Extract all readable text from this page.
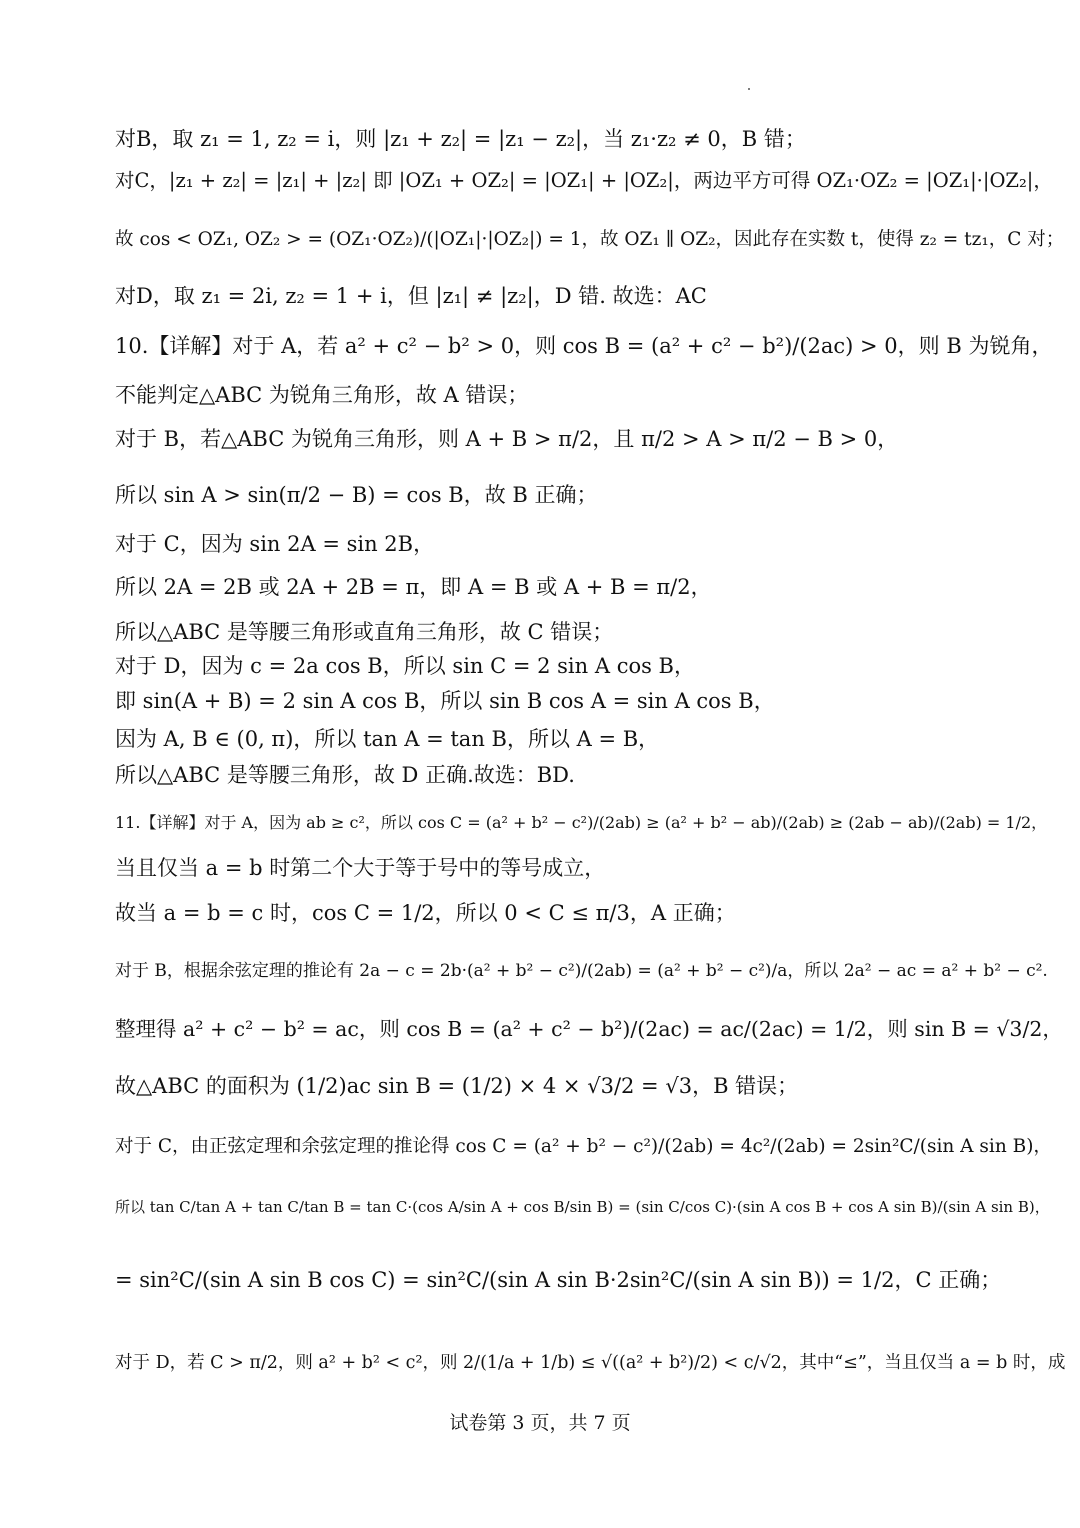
对B，取 z₁ = 1, z₂ = i，则 |z₁ + z₂| = |z₁ − z₂|，当 z₁·z₂ ≠ 0，B 错；
对C，|z₁ + z₂| = |z₁| + |z₂| 即 |OZ₁ + OZ₂| = |OZ₁| + |OZ₂|，两边平方可得 OZ₁·OZ₂ = |OZ₁|·|OZ₂|，
故 cos < OZ₁, OZ₂ > = (OZ₁·OZ₂)/(|OZ₁|·|OZ₂|) = 1，故 OZ₁ ∥ OZ₂，因此存在实数 t，使得 z₂ = tz₁，C 对；
对D，取 z₁ = 2i, z₂ = 1 + i，但 |z₁| ≠ |z₂|，D 错. 故选：AC
10.【详解】对于 A，若 a² + c² − b² > 0，则 cos B = (a² + c² − b²)/(2ac) > 0，则 B 为锐角，
不能判定△ABC 为锐角三角形，故 A 错误；
对于 B，若△ABC 为锐角三角形，则 A + B > π/2，且 π/2 > A > π/2 − B > 0，
所以 sin A > sin(π/2 − B) = cos B，故 B 正确；
对于 C，因为 sin 2A = sin 2B，
所以 2A = 2B 或 2A + 2B = π，即 A = B 或 A + B = π/2，
所以△ABC 是等腰三角形或直角三角形，故 C 错误；
对于 D，因为 c = 2a cos B，所以 sin C = 2 sin A cos B，
即 sin(A + B) = 2 sin A cos B，所以 sin B cos A = sin A cos B，
因为 A, B ∈ (0, π)，所以 tan A = tan B，所以 A = B，
所以△ABC 是等腰三角形，故 D 正确.故选：BD.
11.【详解】对于 A，因为 ab ≥ c²，所以 cos C = (a² + b² − c²)/(2ab) ≥ (a² + b² − ab)/(2ab) ≥ (2ab − ab)/(2ab) = 1/2，
当且仅当 a = b 时第二个大于等于号中的等号成立，
故当 a = b = c 时，cos C = 1/2，所以 0 < C ≤ π/3，A 正确；
对于 B，根据余弦定理的推论有 2a − c = 2b·(a² + b² − c²)/(2ab) = (a² + b² − c²)/a，所以 2a² − ac = a² + b² − c².
整理得 a² + c² − b² = ac，则 cos B = (a² + c² − b²)/(2ac) = ac/(2ac) = 1/2，则 sin B = √3/2，
故△ABC 的面积为 (1/2)ac sin B = (1/2) × 4 × √3/2 = √3，B 错误；
对于 C，由正弦定理和余弦定理的推论得 cos C = (a² + b² − c²)/(2ab) = 4c²/(2ab) = 2sin²C/(sin A sin B)，
所以 tan C/tan A + tan C/tan B = tan C·(cos A/sin A + cos B/sin B) = (sin C/cos C)·(sin A cos B + cos A sin B)/(sin A sin B)，
= sin²C/(sin A sin B cos C) = sin²C/(sin A sin B·2sin²C/(sin A sin B)) = 1/2，C 正确；
对于 D，若 C > π/2，则 a² + b² < c²，则 2/(1/a + 1/b) ≤ √((a² + b²)/2) < c/√2，其中“≤”，当且仅当 a = b 时，成
试卷第 3 页，共 7 页
